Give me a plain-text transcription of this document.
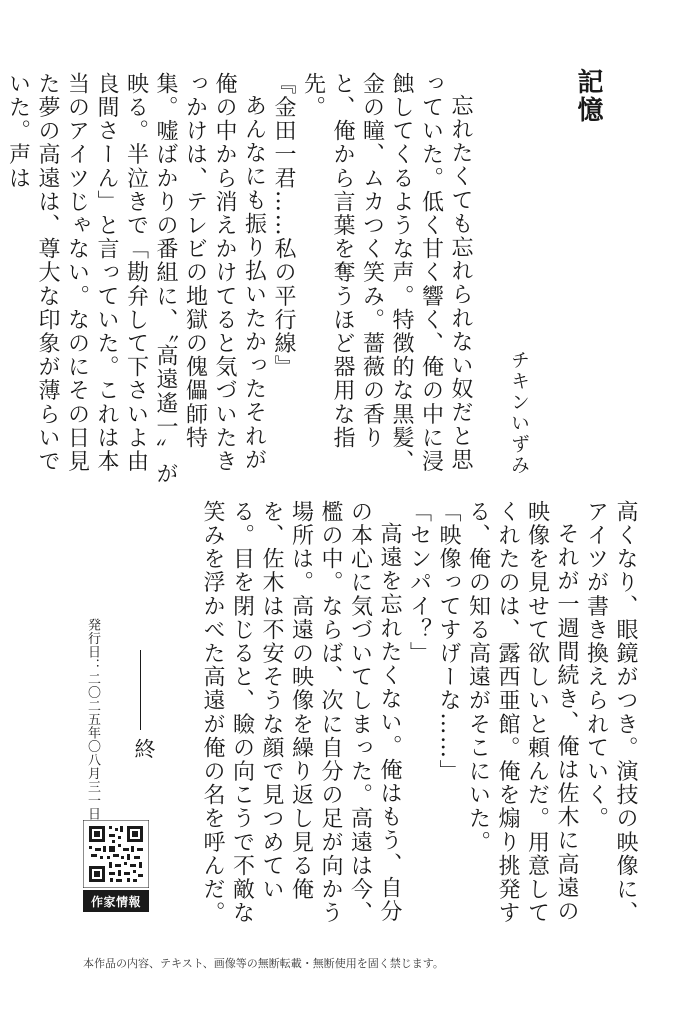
記憶
チキンいずみ

忘れたくても忘れられない奴だと思っていた。低く甘く響く、俺の中に浸蝕してくるような声。特徴的な黒髪、金の瞳、ムカつく笑み。薔薇の香りと、俺から言葉を奪うほど器用な指先。

『金田一君……私の平行線』

あんなにも振り払いたかったそれが俺の中から消えかけてると気づいたきっかけは、テレビの地獄の傀儡師特集。嘘ばかりの番組に、〝高遠遙一〟が映る。半泣きで「勘弁して下さいよ由良間さーん」と言っていた。これは本当のアイツじゃない。なのにその日見た夢の高遠は、尊大な印象が薄らいでいた。声は

高くなり、眼鏡がつき。演技の映像に、アイツが書き換えられていく。

それが一週間続き、俺は佐木に高遠の映像を見せて欲しいと頼んだ。用意してくれたのは、露西亜館。俺を煽り挑発する、俺の知る高遠がそこにいた。

「映像ってすげーな……」

「センパイ？」

高遠を忘れたくない。俺はもう、自分の本心に気づいてしまった。高遠は今、檻の中。ならば、次に自分の足が向かう場所は。高遠の映像を繰り返し見る俺を、佐木は不安そうな顔で見つめている。目を閉じると、瞼の向こうで不敵な笑みを浮かべた高遠が俺の名を呼んだ。

終
発行日：二〇二五年〇八月三一日
作家情報

本作品の内容、テキスト、画像等の無断転載・無断使用を固く禁じます。
